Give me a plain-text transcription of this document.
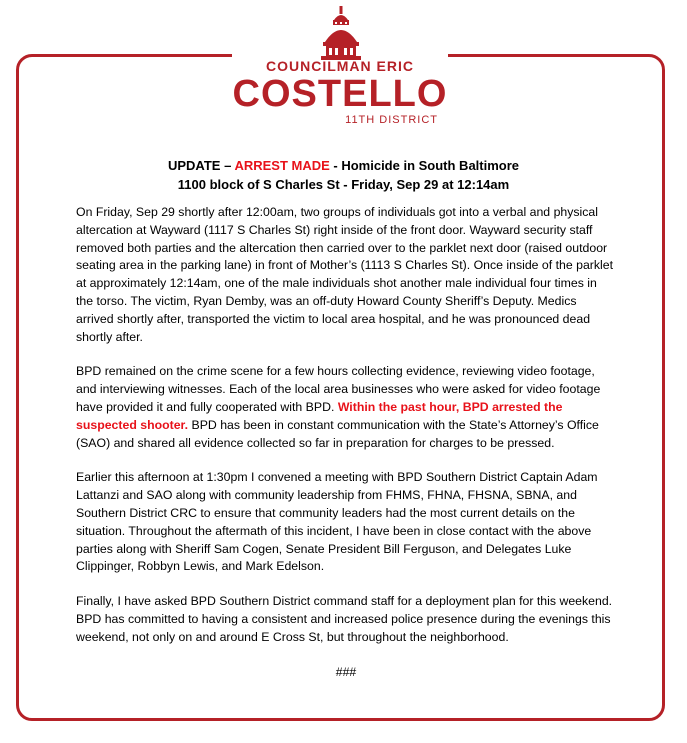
COUNCILMAN ERIC
COSTELLO
11TH DISTRICT
UPDATE – ARREST MADE - Homicide in South Baltimore
1100 block of S Charles St - Friday, Sep 29 at 12:14am

On Friday, Sep 29 shortly after 12:00am, two groups of individuals got into a verbal and physical altercation at Wayward (1117 S Charles St) right inside of the front door. Wayward security staff removed both parties and the altercation then carried over to the parklet next door (raised outdoor seating area in the parking lane) in front of Mother’s (1113 S Charles St). Once inside of the parklet at approximately 12:14am, one of the male individuals shot another male individual four times in the torso. The victim, Ryan Demby, was an off-duty Howard County Sheriff’s Deputy. Medics arrived shortly after, transported the victim to local area hospital, and he was pronounced dead shortly after.

BPD remained on the crime scene for a few hours collecting evidence, reviewing video footage, and interviewing witnesses. Each of the local area businesses who were asked for video footage have provided it and fully cooperated with BPD. Within the past hour, BPD arrested the suspected shooter. BPD has been in constant communication with the State’s Attorney’s Office (SAO) and shared all evidence collected so far in preparation for charges to be pressed.

Earlier this afternoon at 1:30pm I convened a meeting with BPD Southern District Captain Adam Lattanzi and SAO along with community leadership from FHMS, FHNA, FHSNA, SBNA, and Southern District CRC to ensure that community leaders had the most current details on the situation. Throughout the aftermath of this incident, I have been in close contact with the above parties along with Sheriff Sam Cogen, Senate President Bill Ferguson, and Delegates Luke Clippinger, Robbyn Lewis, and Mark Edelson.

Finally, I have asked BPD Southern District command staff for a deployment plan for this weekend. BPD has committed to having a consistent and increased police presence during the evenings this weekend, not only on and around E Cross St, but throughout the neighborhood.

###
